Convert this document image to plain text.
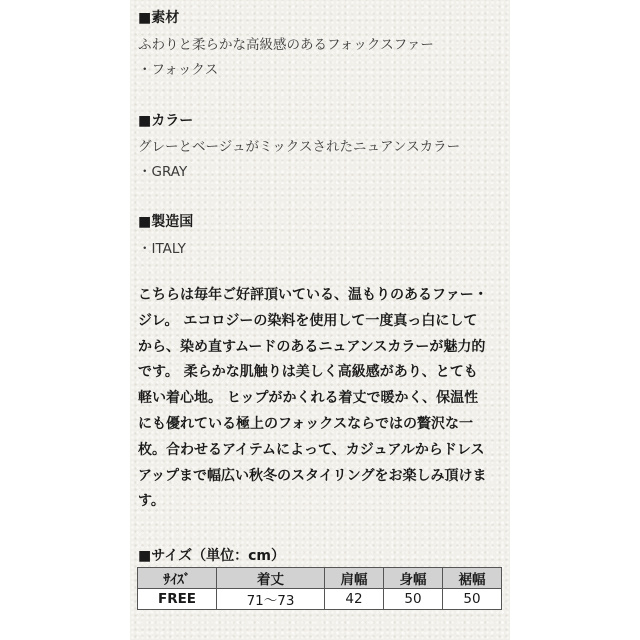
■素材
ふわりと柔らかな高級感のあるフォックスファー
・フォックス
■カラー
グレーとベージュがミックスされたニュアンスカラー
・GRAY
■製造国
・ITALY
こちらは毎年ご好評頂いている、温もりのあるファー・
ジレ。 エコロジーの染料を使用して一度真っ白にして
から、染め直すムードのあるニュアンスカラーが魅力的
です。 柔らかな肌触りは美しく高級感があり、とても
軽い着心地。 ヒップがかくれる着丈で暖かく、保温性
にも優れている極上のフォックスならではの贅沢な一
枚。合わせるアイテムによって、カジュアルからドレス
アップまで幅広い秋冬のスタイリングをお楽しみ頂けま
す。
■サイズ（単位：cm）
ｻｲｽﾞ	着丈	肩幅	身幅	裾幅
FREE	71〜73	42	50	50
